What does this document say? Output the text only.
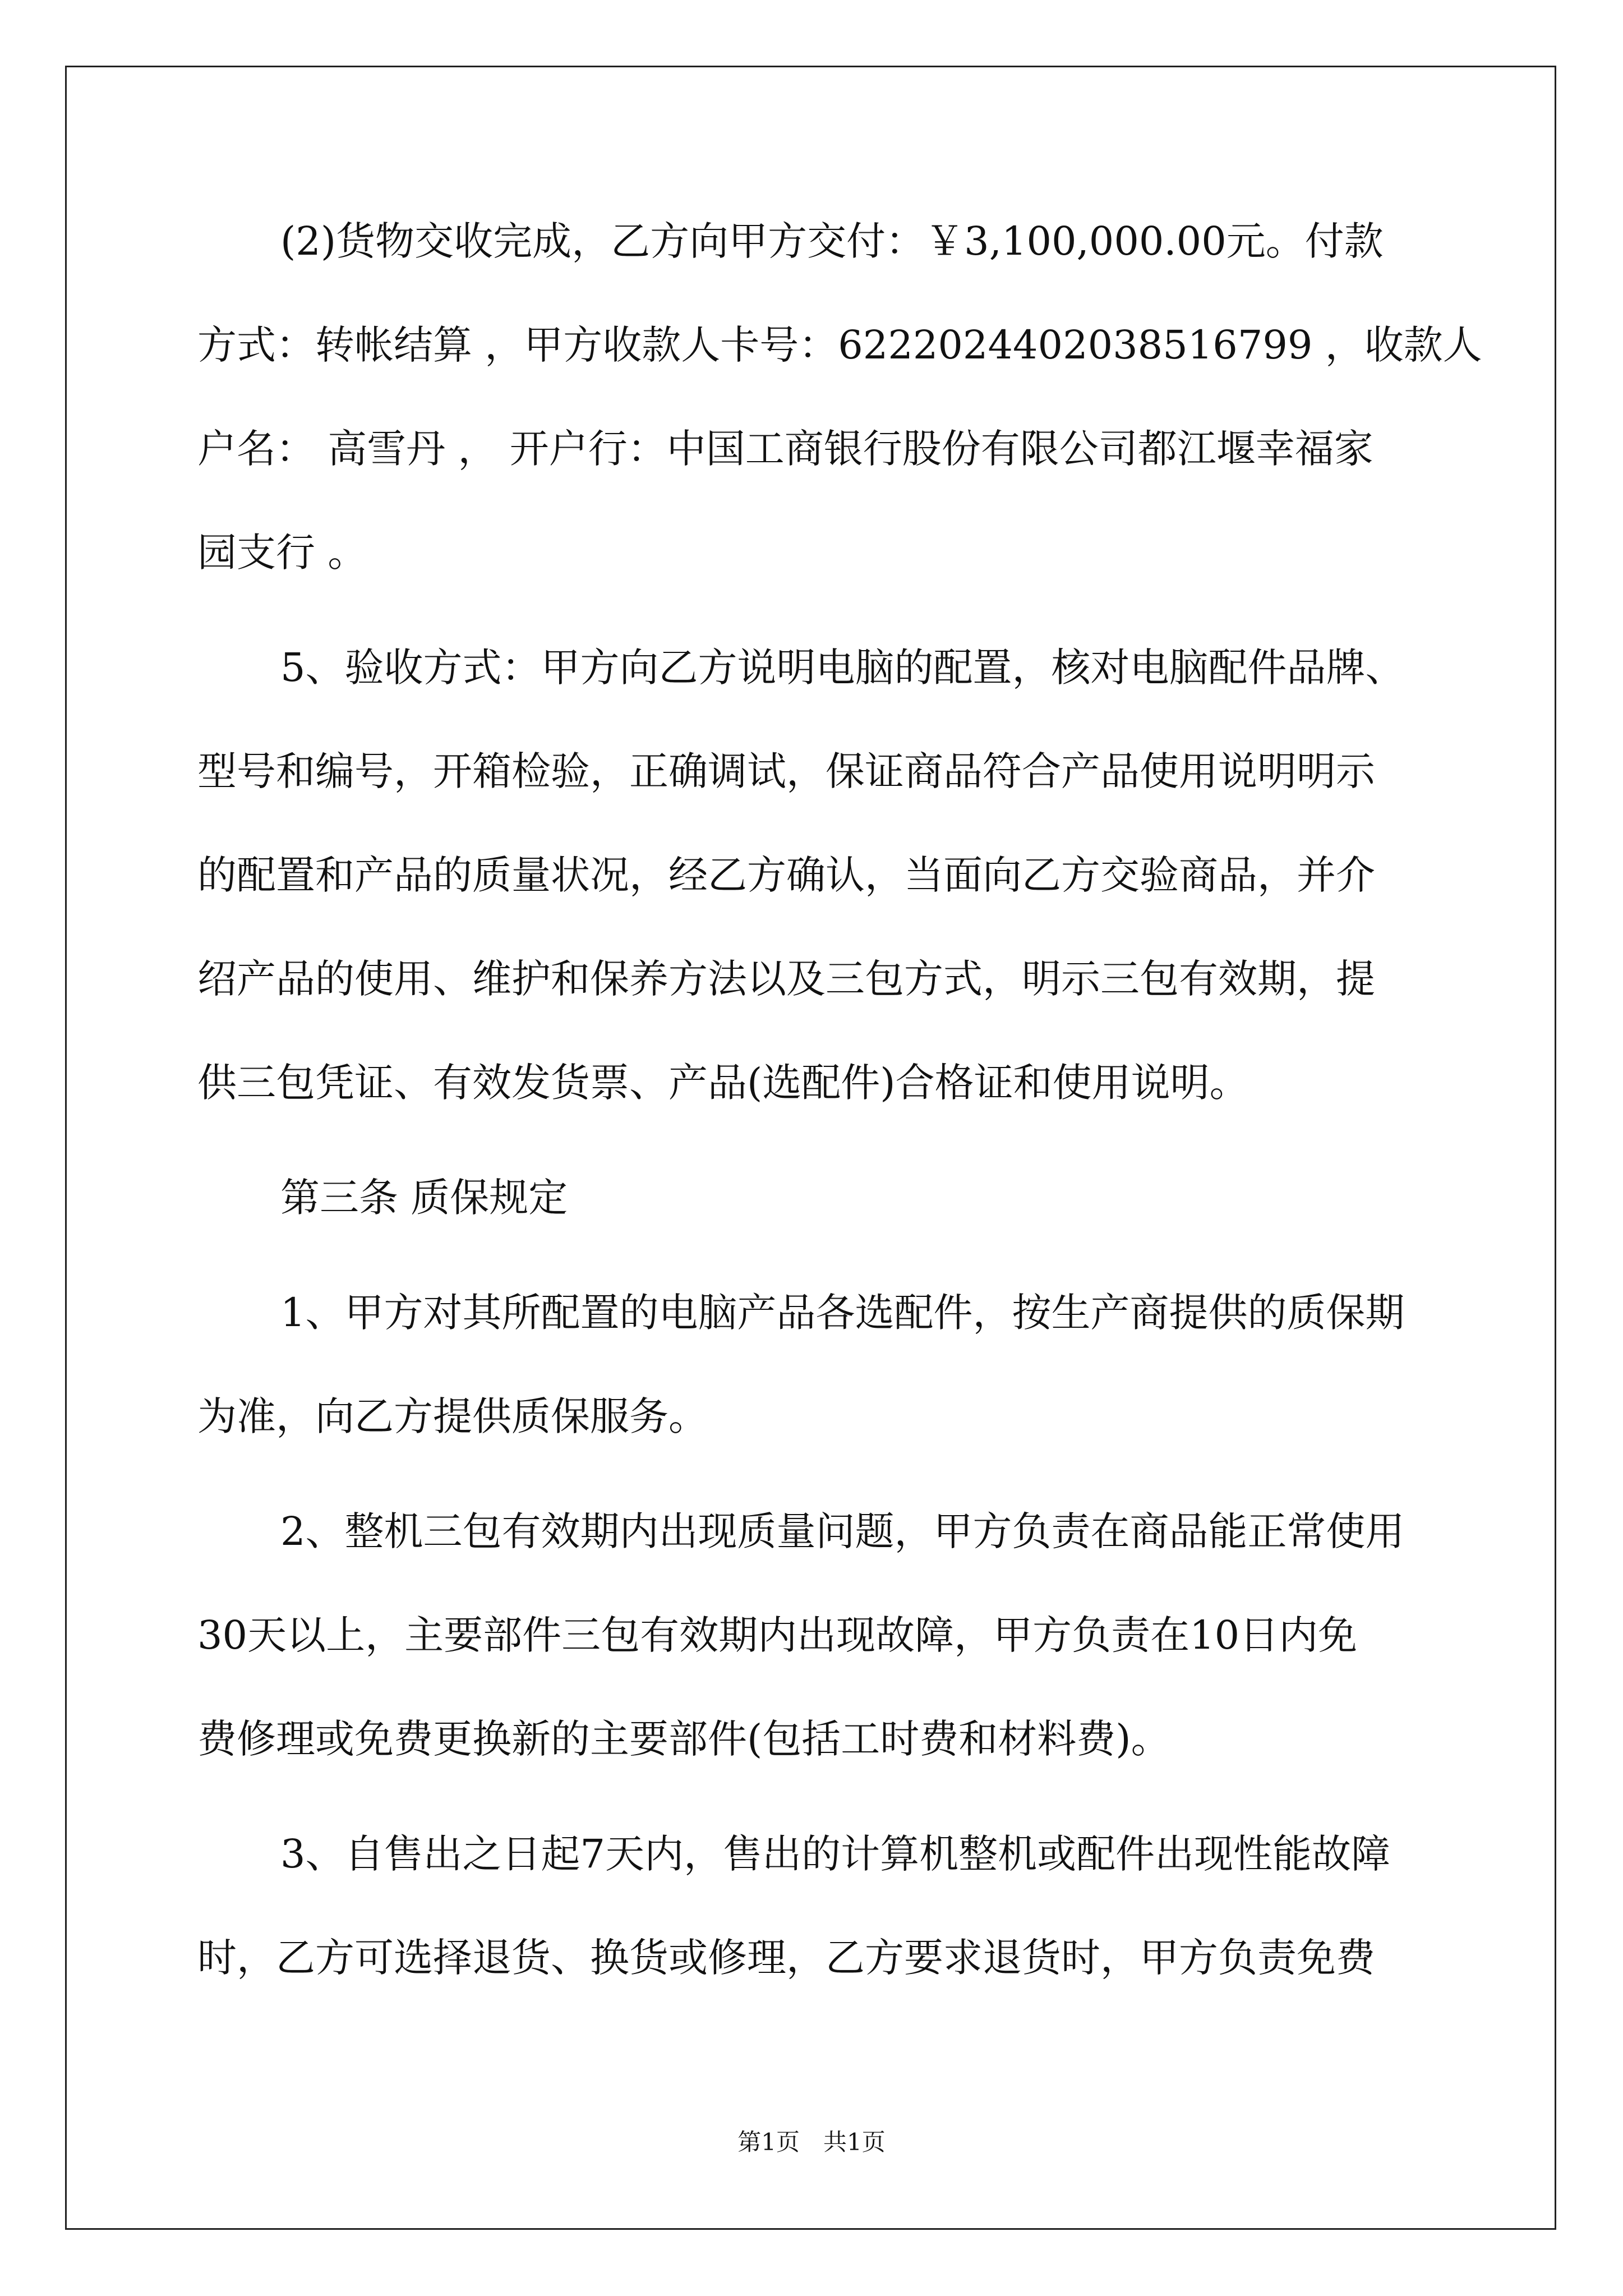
(2)货物交收完成，乙方向甲方交付：￥3,100,000.00元。付款
方式：转帐结算 ，甲方收款人卡号：6222024402038516799 ，收款人
户名： 高雪丹 ， 开户行：中国工商银行股份有限公司都江堰幸福家
园支行 。
5、验收方式：甲方向乙方说明电脑的配置，核对电脑配件品牌、
型号和编号，开箱检验，正确调试，保证商品符合产品使用说明明示
的配置和产品的质量状况，经乙方确认，当面向乙方交验商品，并介
绍产品的使用、维护和保养方法以及三包方式，明示三包有效期，提
供三包凭证、有效发货票、产品(选配件)合格证和使用说明。
第三条 质保规定
1、甲方对其所配置的电脑产品各选配件，按生产商提供的质保期
为准，向乙方提供质保服务。
2、整机三包有效期内出现质量问题，甲方负责在商品能正常使用
30天以上，主要部件三包有效期内出现故障，甲方负责在10日内免
费修理或免费更换新的主要部件(包括工时费和材料费)。
3、自售出之日起7天内，售出的计算机整机或配件出现性能故障
时，乙方可选择退货、换货或修理，乙方要求退货时，甲方负责免费
第1页　共1页
